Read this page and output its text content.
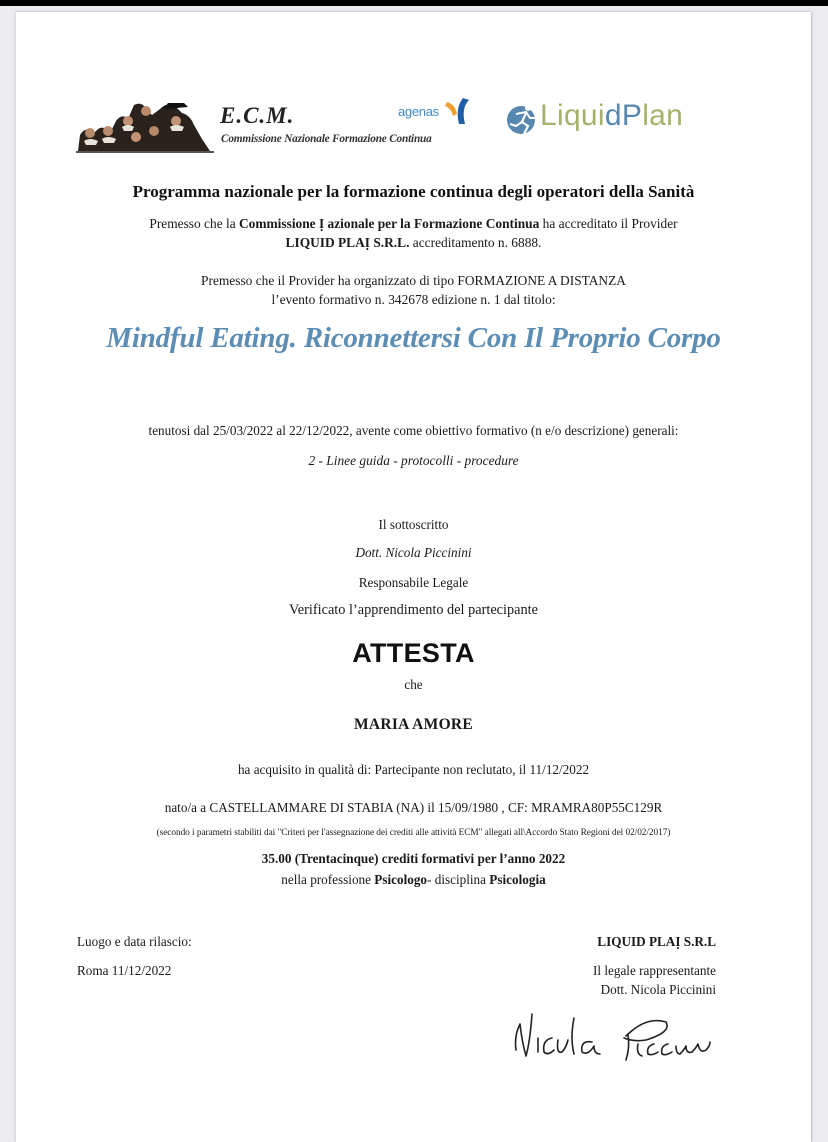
E.C.M.
Commissione Nazionale Formazione Continua
agenas	LiquidPlan
Programma nazionale per la formazione continua degli operatori della Sanità
Premesso che la Commissione Ị azionale per la Formazione Continua ha accreditato il Provider
LIQUID PLAỊ S.R.L. accreditamento n. 6888.
Premesso che il Provider ha organizzato di tipo FORMAZIONE A DISTANZA
l’evento formativo n. 342678 edizione n. 1 dal titolo:
Mindful Eating. Riconnettersi Con Il Proprio Corpo
tenutosi dal 25/03/2022 al 22/12/2022, avente come obiettivo formativo (n e/o descrizione) generali:
2 - Linee guida - protocolli - procedure
Il sottoscritto
Dott. Nicola Piccinini
Responsabile Legale
Verificato l’apprendimento del partecipante
ATTESTA
che
MARIA AMORE
ha acquisito in qualità di: Partecipante non reclutato, il 11/12/2022
nato/a a CASTELLAMMARE DI STABIA (NA) il 15/09/1980 , CF: MRAMRA80P55C129R
(secondo i parametri stabiliti dai "Criteri per l'assegnazione dei crediti alle attività ECM" allegati all\Accordo Stato Regioni del 02/02/2017)
35.00 (Trentacinque) crediti formativi per l’anno 2022
nella professione Psicologo- disciplina Psicologia
Luogo e data rilascio:
Roma 11/12/2022
LIQUID PLAỊ S.R.L
Il legale rappresentante
Dott. Nicola Piccinini
